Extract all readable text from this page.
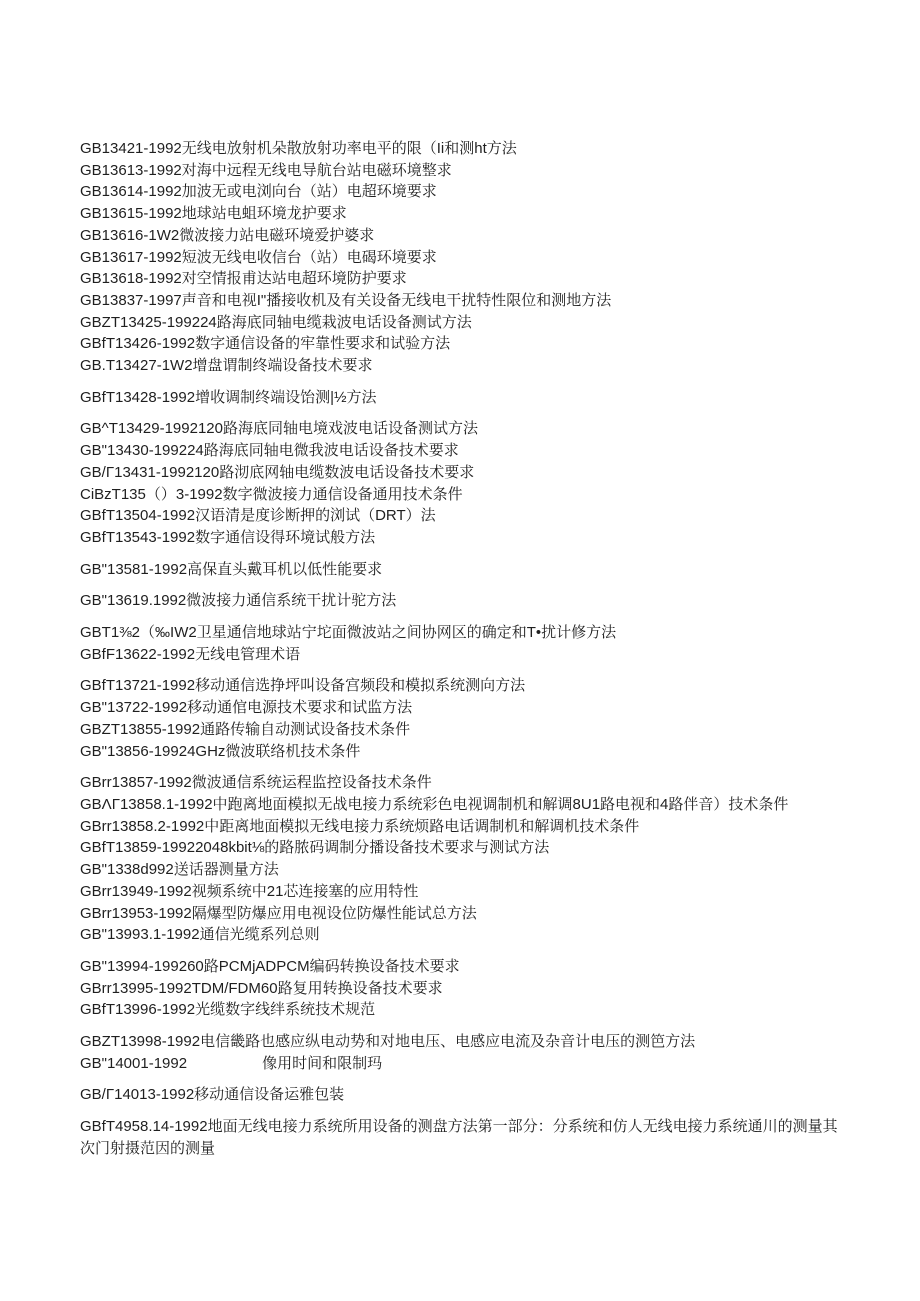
GB13421-1992无线电放射机朵散放射功率电平的限（Ii和测ht方法
GB13613-1992对海中远程无线电导航台站电磁环境整求
GB13614-1992加波无或电浏向台（站）电超环境要求
GB13615-1992地球站电蛆环境龙护要求
GB13616-1W2微波接力站电磁环境爱护婆求
GB13617-1992短波无线电收信台（站）电碣环境要求
GB13618-1992对空情报甫达站电超环境防护要求
GB13837-1997声音和电视I"播接收机及有关设备无线电干扰特性限位和测地方法
GBZT13425-199224路海底同轴电缆栽波电话设备测试方法
GBfT13426-1992数字通信设备的牢靠性要求和试验方法
GB.T13427-1W2增盘谓制终端设备技术要求

GBfT13428-1992增收调制终端设饴测|½方法

GB^T13429-1992120路海底同轴电境戏波电话设备测试方法
GB"13430-199224路海底同轴电微我波电话设备技术要求
GB/Γ13431-1992120路沏底网轴电缆数波电话设备技术要求
CiBzT135（）3-1992数字微波接力通信设备通用技术条件
GBfT13504-1992汉语清是度诊断押的浏试（DRT）法
GBfT13543-1992数字通信设得环境试般方法

GB"13581-1992高保直头戴耳机以低性能要求

GB"13619.1992微波接力通信系统干扰计驼方法

GBT1⅜2（‰IW2卫星通信地球站宁坨面微波站之间协网区的确定和T•扰计修方法
GBfF13622-1992无线电管理术语

GBfT13721-1992移动通信选挣坪叫设备宫频段和模拟系统测向方法
GB"13722-1992移动通倌电源技术要求和试监方法
GBZT13855-1992通路传输自动测试设备技术条件
GB"13856-19924GHz微波联络机技术条件

GBrr13857-1992微波通信系统运程监控设备技术条件
GBΛΓ13858.1-1992中跑离地面模拟无战电接力系统彩色电视调制机和解调8U1路电视和4路伴音）技术条件
GBrr13858.2-1992中距离地面模拟无线电接力系统烦路电话调制机和解调机技术条件
GBfT13859-19922048kbit⅛的路脓码调制分播设备技术要求与测试方法
GB"1338d992送话器测量方法
GBrr13949-1992视频系统中21芯连接塞的应用特性
GBrr13953-1992隔爆型防爆应用电视设位防爆性能试总方法
GB"13993.1-1992通信光缆系列总则

GB"13994-199260路PCMjADPCM编码转换设备技术要求
GBrr13995-1992TDM/FDM60路复用转换设备技术要求
GBfT13996-1992光缆数字线绊系统技术规范

GBZT13998-1992电信畿路也感应纵电动势和对地电压、电感应电流及杂音计电压的测笆方法
GB"14001-1992                  像用时间和限制玛

GB/Γ14013-1992移动通信设备运雅包装

GBfT4958.14-1992地面无线电接力系统所用设备的测盘方法第一部分：分系统和仿人无线电接力系统通川的测量其次门射摄范因的测量
